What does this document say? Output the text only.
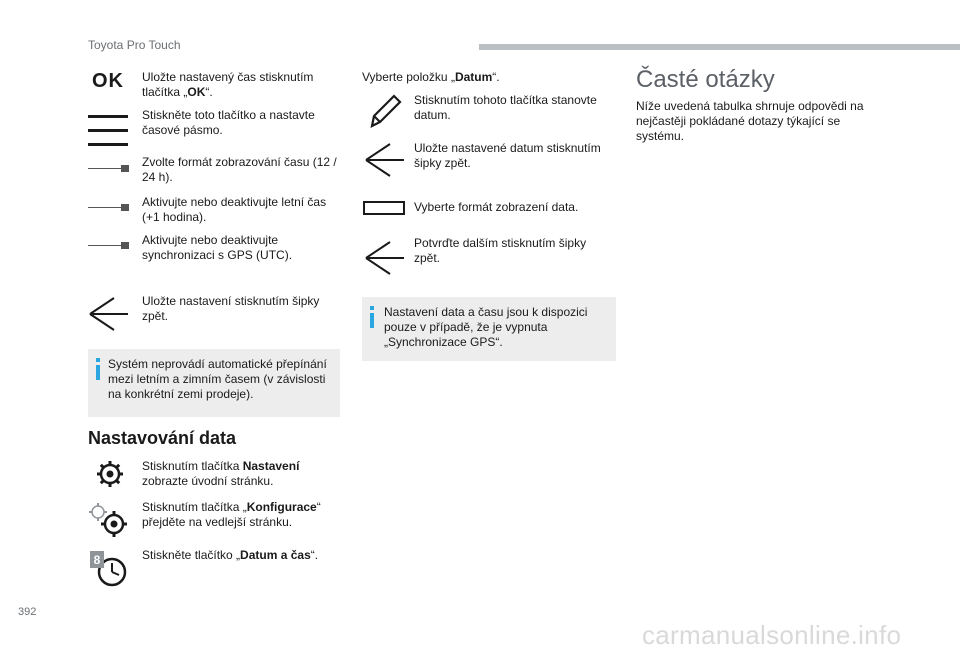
Toyota Pro Touch
OK Uložte nastavený čas stisknutím tlačítka „OK“.
Stiskněte toto tlačítko a nastavte časové pásmo.
Zvolte formát zobrazování času (12 / 24 h).
Aktivujte nebo deaktivujte letní čas (+1 hodina).
Aktivujte nebo deaktivujte synchronizaci s GPS (UTC).
Uložte nastavení stisknutím šipky zpět.
Systém neprovádí automatické přepínání mezi letním a zimním časem (v závislosti na konkrétní zemi prodeje).
Nastavování data
Stisknutím tlačítka Nastavení zobrazte úvodní stránku.
Stisknutím tlačítka „Konfigurace“ přejděte na vedlejší stránku.
8	Stiskněte tlačítko „Datum a čas“.
Vyberte položku „Datum“.
Stisknutím tohoto tlačítka stanovte datum.
Uložte nastavené datum stisknutím šipky zpět.
Vyberte formát zobrazení data.
Potvrďte dalším stisknutím šipky zpět.
Nastavení data a času jsou k dispozici pouze v případě, že je vypnuta „Synchronizace GPS“.
Časté otázky
Níže uvedená tabulka shrnuje odpovědi na nejčastěji pokládané dotazy týkající se systému.
392
carmanualsonline.info
